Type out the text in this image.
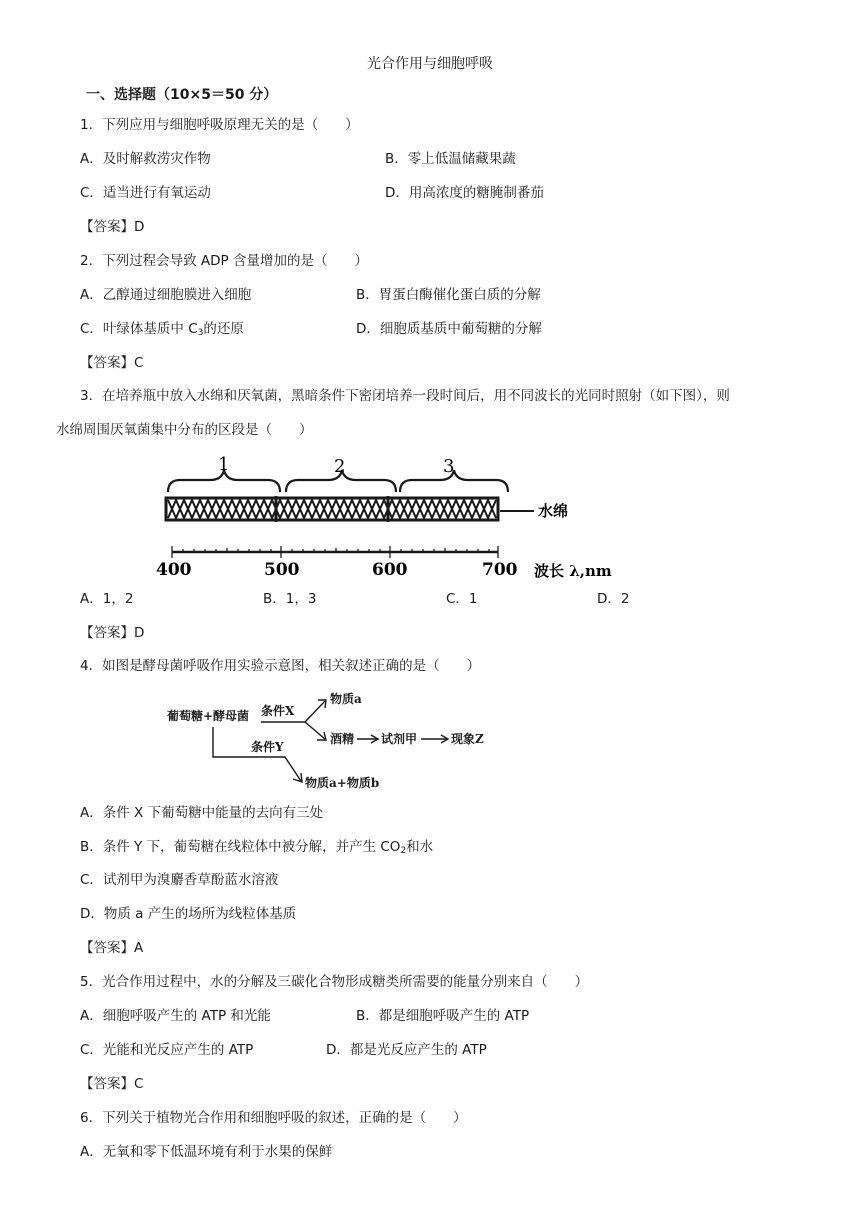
光合作用与细胞呼吸
一、选择题（10×5＝50 分）
1．下列应用与细胞呼吸原理无关的是（　　）
A．及时解救涝灾作物	B．零上低温储藏果蔬
C．适当进行有氧运动	D．用高浓度的糖腌制番茄
【答案】D
2．下列过程会导致 ADP 含量增加的是（　　）
A．乙醇通过细胞膜进入细胞	B．胃蛋白酶催化蛋白质的分解
C．叶绿体基质中 $C_3$的还原	D．细胞质基质中葡萄糖的分解
【答案】C
3．在培养瓶中放入水绵和厌氧菌，黑暗条件下密闭培养一段时间后，用不同波长的光同时照射（如下图），则
水绵周围厌氧菌集中分布的区段是（　　）
1	2	3
水绵
400	500	600	700 波长 λ,nm
A．1，2	B．1，3	C．1	D．2
【答案】D
4．如图是酵母菌呼吸作用实验示意图，相关叙述正确的是（　　）
葡萄糖+酵母菌 条件X
物质a
酒精 试剂甲	现象Z
条件Y
物质a+物质b
A．条件 X 下葡萄糖中能量的去向有三处
B．条件 Y 下，葡萄糖在线粒体中被分解，并产生 $CO_2$和水
C．试剂甲为溴麝香草酚蓝水溶液
D．物质 a 产生的场所为线粒体基质
【答案】A
5．光合作用过程中，水的分解及三碳化合物形成糖类所需要的能量分别来自（　　）
A．细胞呼吸产生的 ATP 和光能	B．都是细胞呼吸产生的 ATP
C．光能和光反应产生的 ATP	D．都是光反应产生的 ATP
【答案】C
6．下列关于植物光合作用和细胞呼吸的叙述，正确的是（　　）
A．无氧和零下低温环境有利于水果的保鲜
